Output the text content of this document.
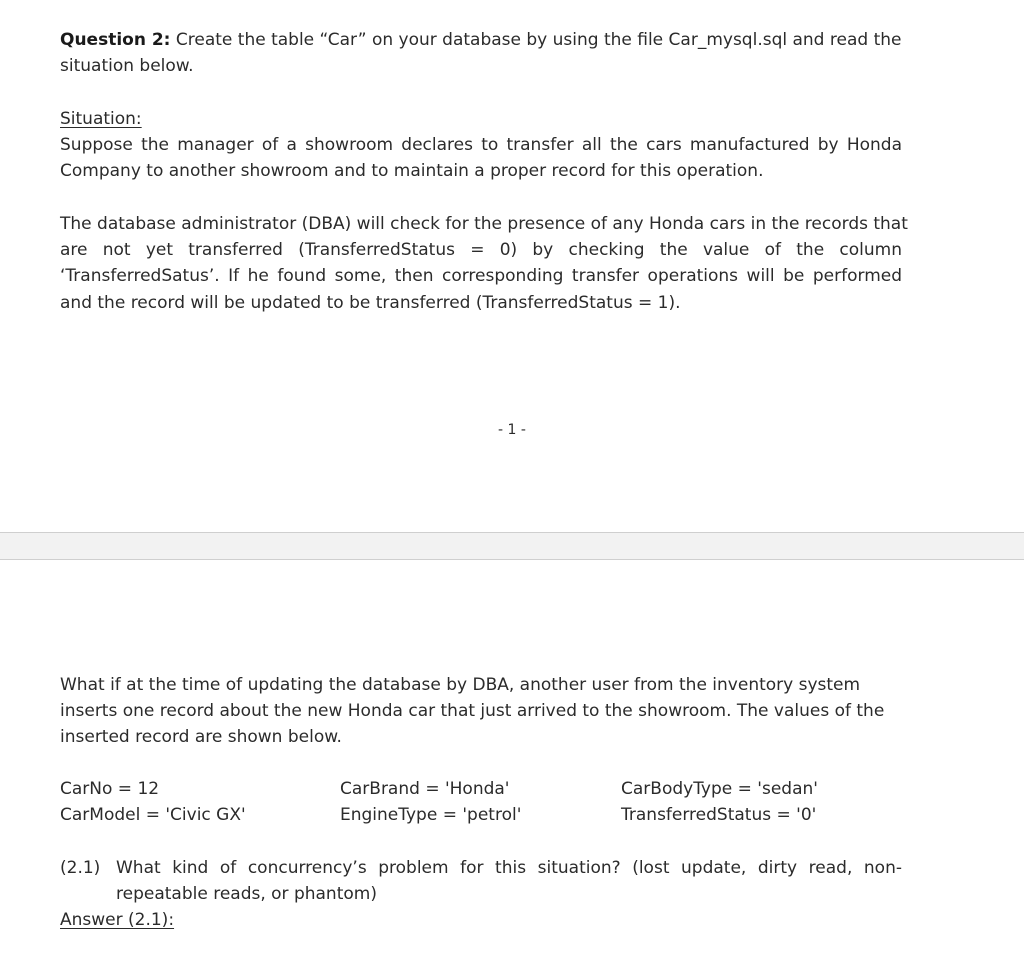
Question 2: Create the table “Car” on your database by using the file Car_mysql.sql and read the
situation below.
Situation:
Suppose the manager of a showroom declares to transfer all the cars manufactured by Honda
Company to another showroom and to maintain a proper record for this operation.
The database administrator (DBA) will check for the presence of any Honda cars in the records that
are not yet transferred (TransferredStatus = 0) by checking the value of the column
‘TransferredSatus’. If he found some, then corresponding transfer operations will be performed
and the record will be updated to be transferred (TransferredStatus = 1).
- 1 -
What if at the time of updating the database by DBA, another user from the inventory system
inserts one record about the new Honda car that just arrived to the showroom. The values of the
inserted record are shown below.
CarNo = 12	CarBrand = 'Honda'	CarBodyType = 'sedan'
CarModel = 'Civic GX'	EngineType = 'petrol'	TransferredStatus = '0'
(2.1) What kind of concurrency’s problem for this situation? (lost update, dirty read, non-
repeatable reads, or phantom)
Answer (2.1):
